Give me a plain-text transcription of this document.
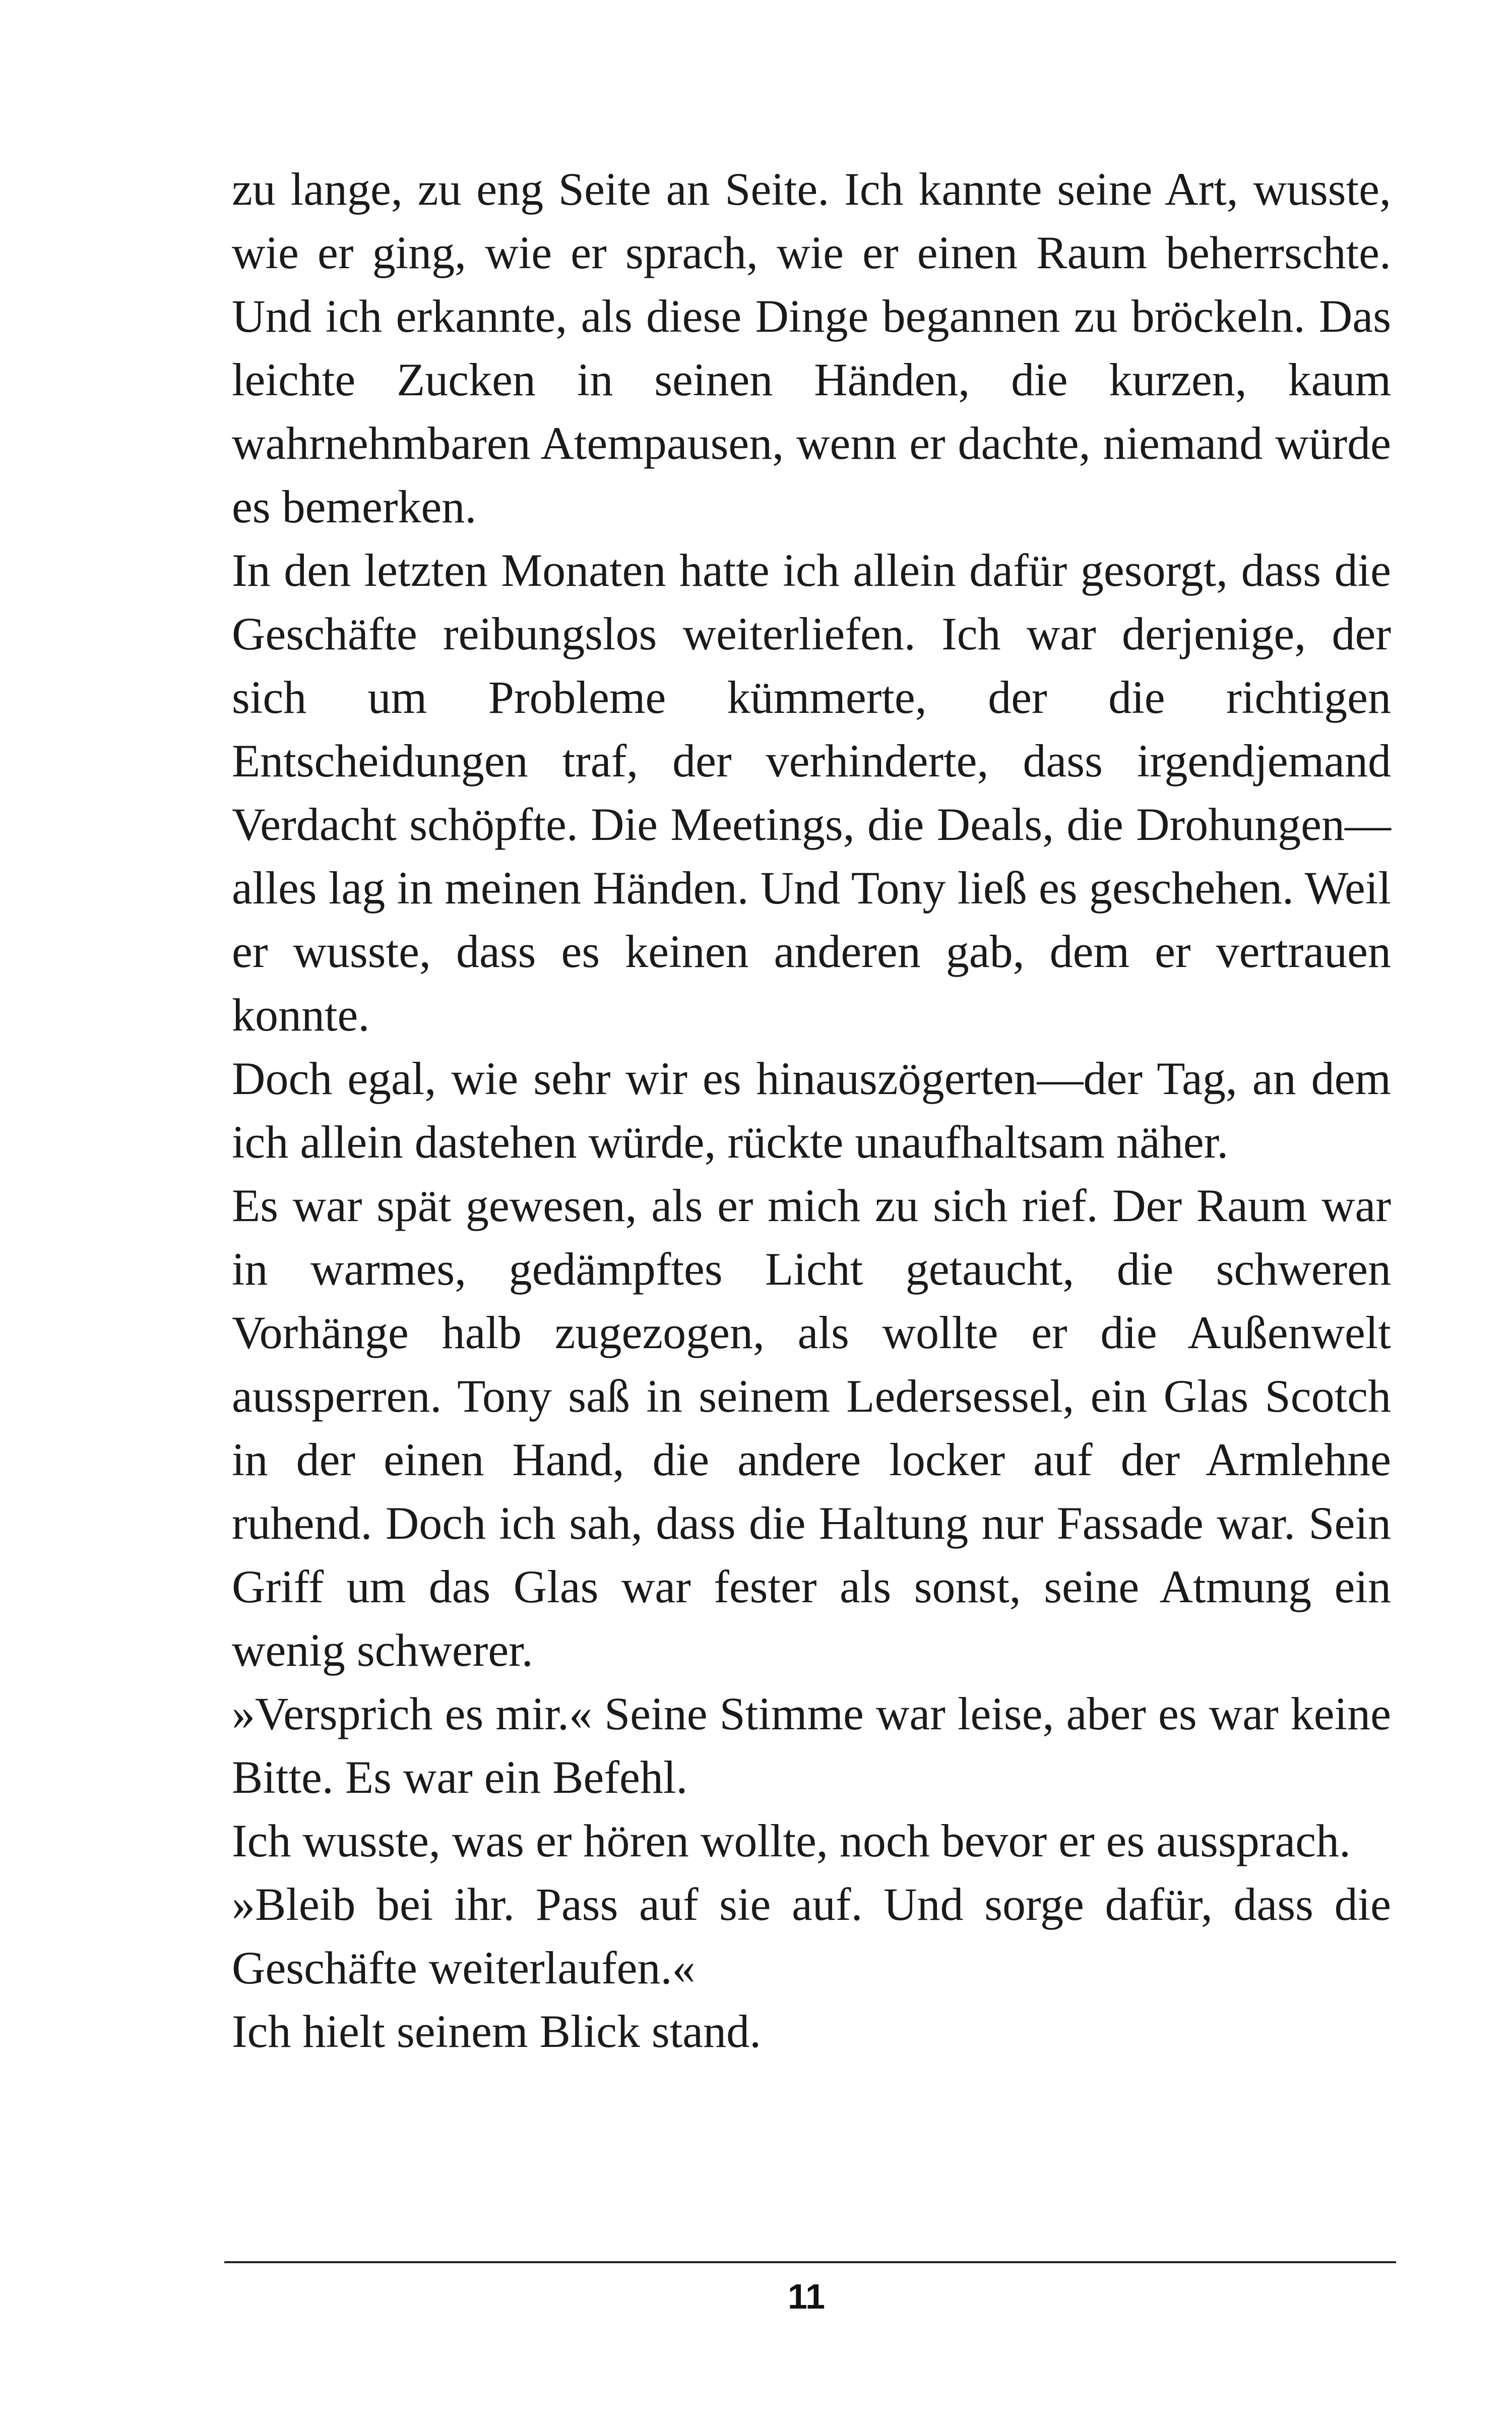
zu lange, zu eng Seite an Seite. Ich kannte seine Art, wusste, wie er ging, wie er sprach, wie er einen Raum beherrschte. Und ich erkannte, als diese Dinge begannen zu bröckeln. Das leichte Zucken in seinen Händen, die kurzen, kaum wahrnehmbaren Atempausen, wenn er dachte, niemand würde es bemerken.

In den letzten Monaten hatte ich allein dafür gesorgt, dass die Geschäfte reibungslos weiterliefen. Ich war derjenige, der sich um Probleme kümmerte, der die richtigen Entscheidungen traf, der verhinderte, dass irgendjemand Verdacht schöpfte. Die Meetings, die Deals, die Drohungen—alles lag in meinen Händen. Und Tony ließ es geschehen. Weil er wusste, dass es keinen anderen gab, dem er vertrauen konnte.

Doch egal, wie sehr wir es hinauszögerten—der Tag, an dem ich allein dastehen würde, rückte unaufhaltsam näher.

Es war spät gewesen, als er mich zu sich rief. Der Raum war in warmes, gedämpftes Licht getaucht, die schweren Vorhänge halb zugezogen, als wollte er die Außenwelt aussperren. Tony saß in seinem Ledersessel, ein Glas Scotch in der einen Hand, die andere locker auf der Armlehne ruhend. Doch ich sah, dass die Haltung nur Fassade war. Sein Griff um das Glas war fester als sonst, seine Atmung ein wenig schwerer.

»Versprich es mir.« Seine Stimme war leise, aber es war keine Bitte. Es war ein Befehl.

Ich wusste, was er hören wollte, noch bevor er es aussprach.

»Bleib bei ihr. Pass auf sie auf. Und sorge dafür, dass die Geschäfte weiterlaufen.«

Ich hielt seinem Blick stand.

11
